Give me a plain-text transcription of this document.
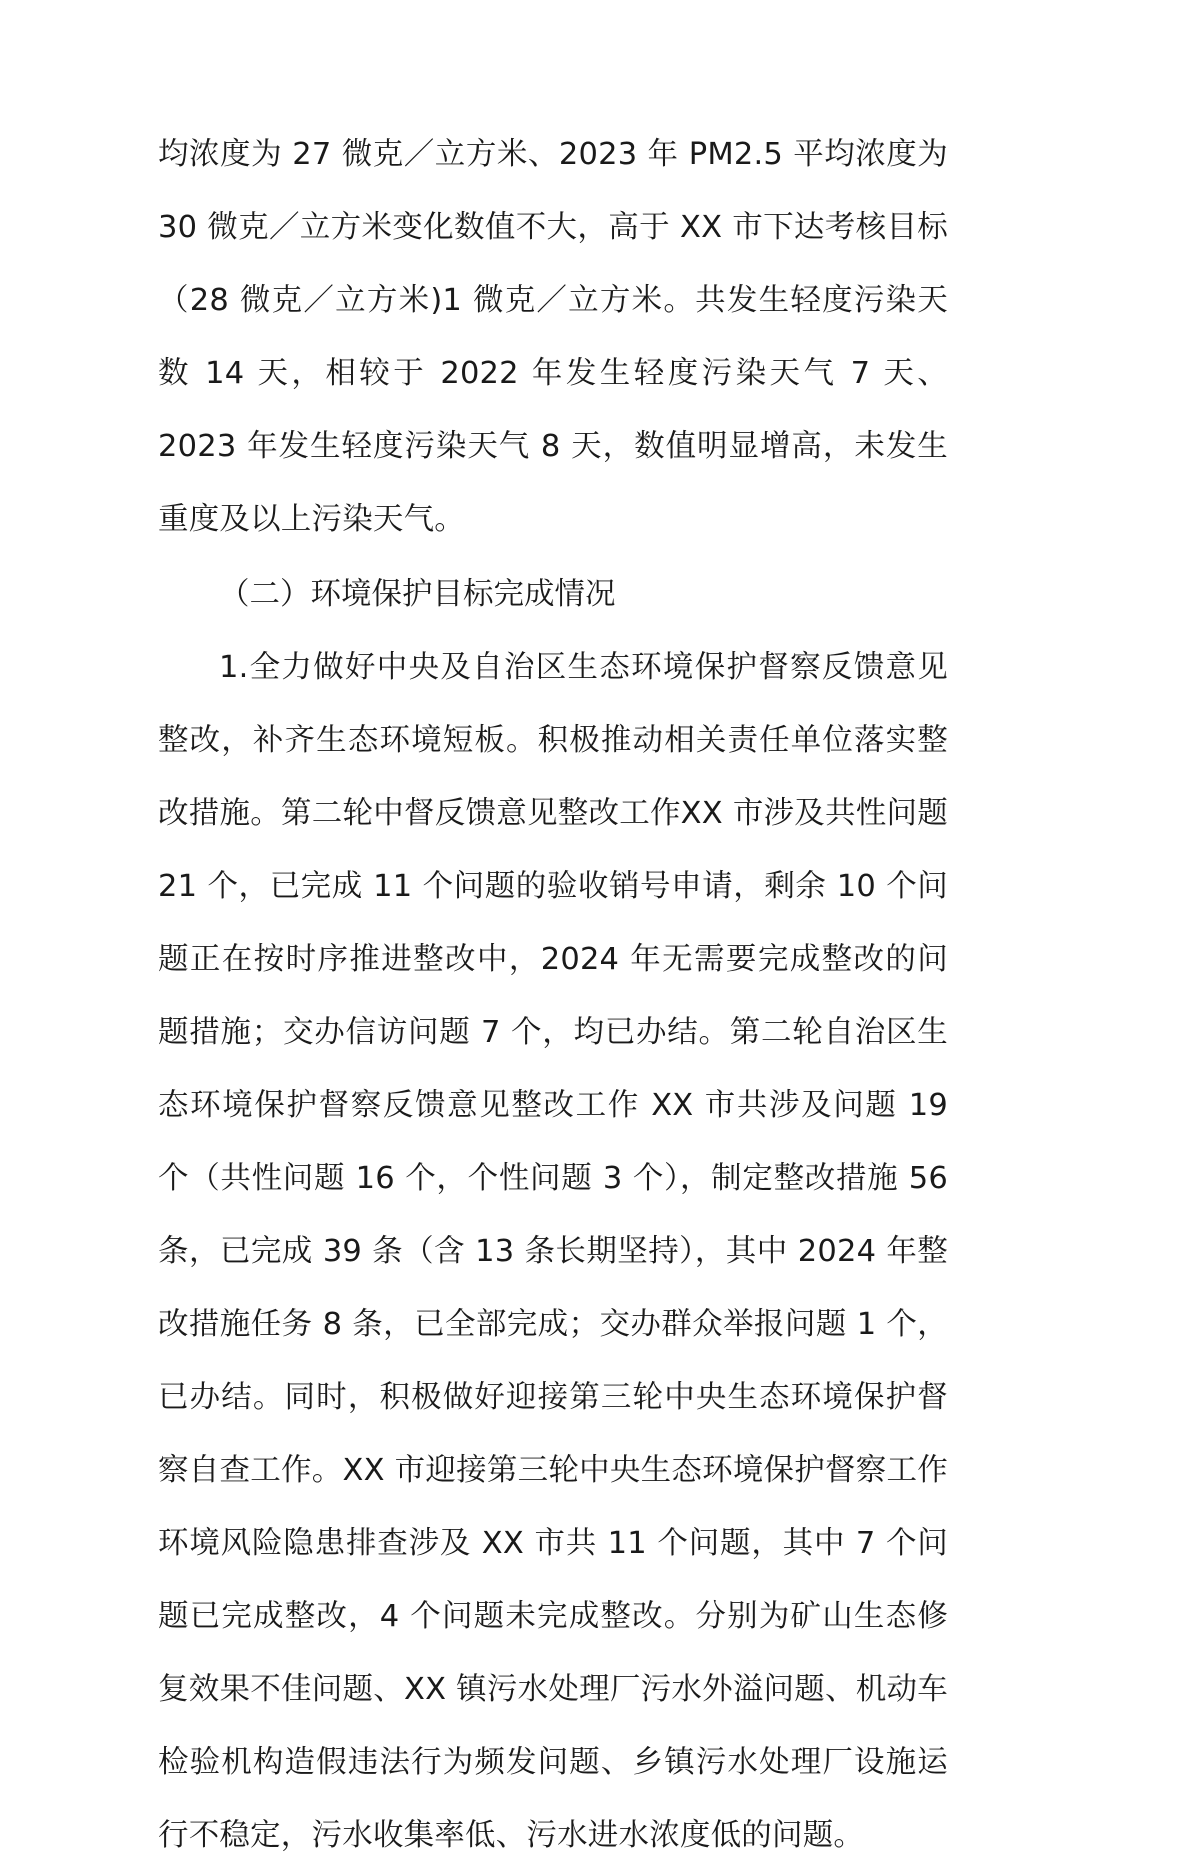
均浓度为 27 微克／立方米、2023 年 PM2.5 平均浓度为 30 微克／立方米变化数值不大，高于 XX 市下达考核目标（28 微克／立方米)1 微克／立方米。共发生轻度污染天数 14 天，相较于 2022 年发生轻度污染天气 7 天、2023 年发生轻度污染天气 8 天，数值明显增高，未发生重度及以上污染天气。

（二）环境保护目标完成情况

1.全力做好中央及自治区生态环境保护督察反馈意见整改，补齐生态环境短板。积极推动相关责任单位落实整改措施。第二轮中督反馈意见整改工作XX 市涉及共性问题 21 个，已完成 11 个问题的验收销号申请，剩余 10 个问题正在按时序推进整改中，2024 年无需要完成整改的问题措施；交办信访问题 7 个，均已办结。第二轮自治区生态环境保护督察反馈意见整改工作 XX 市共涉及问题 19 个（共性问题 16 个，个性问题 3 个），制定整改措施 56 条，已完成 39 条（含 13 条长期坚持），其中 2024 年整改措施任务 8 条，已全部完成；交办群众举报问题 1 个，已办结。同时，积极做好迎接第三轮中央生态环境保护督察自查工作。XX 市迎接第三轮中央生态环境保护督察工作环境风险隐患排查涉及 XX 市共 11 个问题，其中 7 个问题已完成整改，4 个问题未完成整改。分别为矿山生态修复效果不佳问题、XX 镇污水处理厂污水外溢问题、机动车检验机构造假违法行为频发问题、乡镇污水处理厂设施运行不稳定，污水收集率低、污水进水浓度低的问题。
